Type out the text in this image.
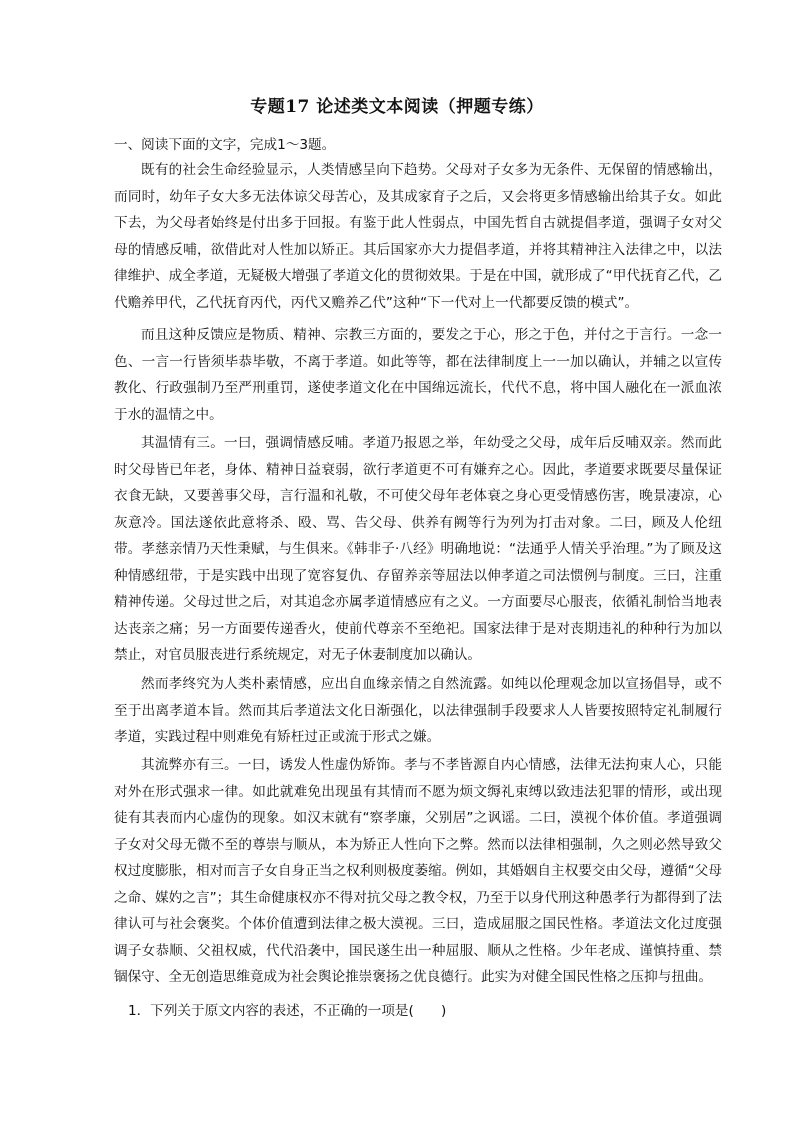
专题17 论述类文本阅读（押题专练）
一、阅读下面的文字，完成1～3题。

既有的社会生命经验显示，人类情感呈向下趋势。父母对子女多为无条件、无保留的情感输出，而同时，幼年子女大多无法体谅父母苦心，及其成家育子之后，又会将更多情感输出给其子女。如此下去，为父母者始终是付出多于回报。有鉴于此人性弱点，中国先哲自古就提倡孝道，强调子女对父母的情感反哺，欲借此对人性加以矫正。其后国家亦大力提倡孝道，并将其精神注入法律之中，以法律维护、成全孝道，无疑极大增强了孝道文化的贯彻效果。于是在中国，就形成了“甲代抚育乙代，乙代赡养甲代，乙代抚育丙代，丙代又赡养乙代”这种“下一代对上一代都要反馈的模式”。

而且这种反馈应是物质、精神、宗教三方面的，要发之于心，形之于色，并付之于言行。一念一色、一言一行皆须毕恭毕敬，不离于孝道。如此等等，都在法律制度上一一加以确认，并辅之以宣传教化、行政强制乃至严刑重罚，遂使孝道文化在中国绵远流长，代代不息，将中国人融化在一派血浓于水的温情之中。

其温情有三。一曰，强调情感反哺。孝道乃报恩之举，年幼受之父母，成年后反哺双亲。然而此时父母皆已年老，身体、精神日益衰弱，欲行孝道更不可有嫌弃之心。因此，孝道要求既要尽量保证衣食无缺，又要善事父母，言行温和礼敬，不可使父母年老体衰之身心更受情感伤害，晚景凄凉，心灰意冷。国法遂依此意将杀、殴、骂、告父母、供养有阙等行为列为打击对象。二曰，顾及人伦纽带。孝慈亲情乃天性秉赋，与生俱来。《韩非子·八经》明确地说：“法通乎人情关乎治理。”为了顾及这种情感纽带，于是实践中出现了宽容复仇、存留养亲等屈法以伸孝道之司法惯例与制度。三曰，注重精神传递。父母过世之后，对其追念亦属孝道情感应有之义。一方面要尽心服丧，依循礼制恰当地表达丧亲之痛；另一方面要传递香火，使前代尊亲不至绝祀。国家法律于是对丧期违礼的种种行为加以禁止，对官员服丧进行系统规定，对无子休妻制度加以确认。

然而孝终究为人类朴素情感，应出自血缘亲情之自然流露。如纯以伦理观念加以宣扬倡导，或不至于出离孝道本旨。然而其后孝道法文化日渐强化，以法律强制手段要求人人皆要按照特定礼制履行孝道，实践过程中则难免有矫枉过正或流于形式之嫌。

其流弊亦有三。一曰，诱发人性虚伪矫饰。孝与不孝皆源自内心情感，法律无法拘束人心，只能对外在形式强求一律。如此就难免出现虽有其情而不愿为烦文缛礼束缚以致违法犯罪的情形，或出现徒有其表而内心虚伪的现象。如汉末就有“察孝廉，父别居”之讽谣。二曰，漠视个体价值。孝道强调子女对父母无微不至的尊崇与顺从，本为矫正人性向下之弊。然而以法律相强制，久之则必然导致父权过度膨胀，相对而言子女自身正当之权利则极度萎缩。例如，其婚姻自主权要交由父母，遵循“父母之命、媒妁之言”；其生命健康权亦不得对抗父母之教令权，乃至于以身代刑这种愚孝行为都得到了法律认可与社会褒奖。个体价值遭到法律之极大漠视。三曰，造成屈服之国民性格。孝道法文化过度强调子女恭顺、父祖权威，代代沿袭中，国民遂生出一种屈服、顺从之性格。少年老成、谨慎持重、禁锢保守、全无创造思维竟成为社会舆论推崇褒扬之优良德行。此实为对健全国民性格之压抑与扭曲。

1．下列关于原文内容的表述，不正确的一项是(　　)
